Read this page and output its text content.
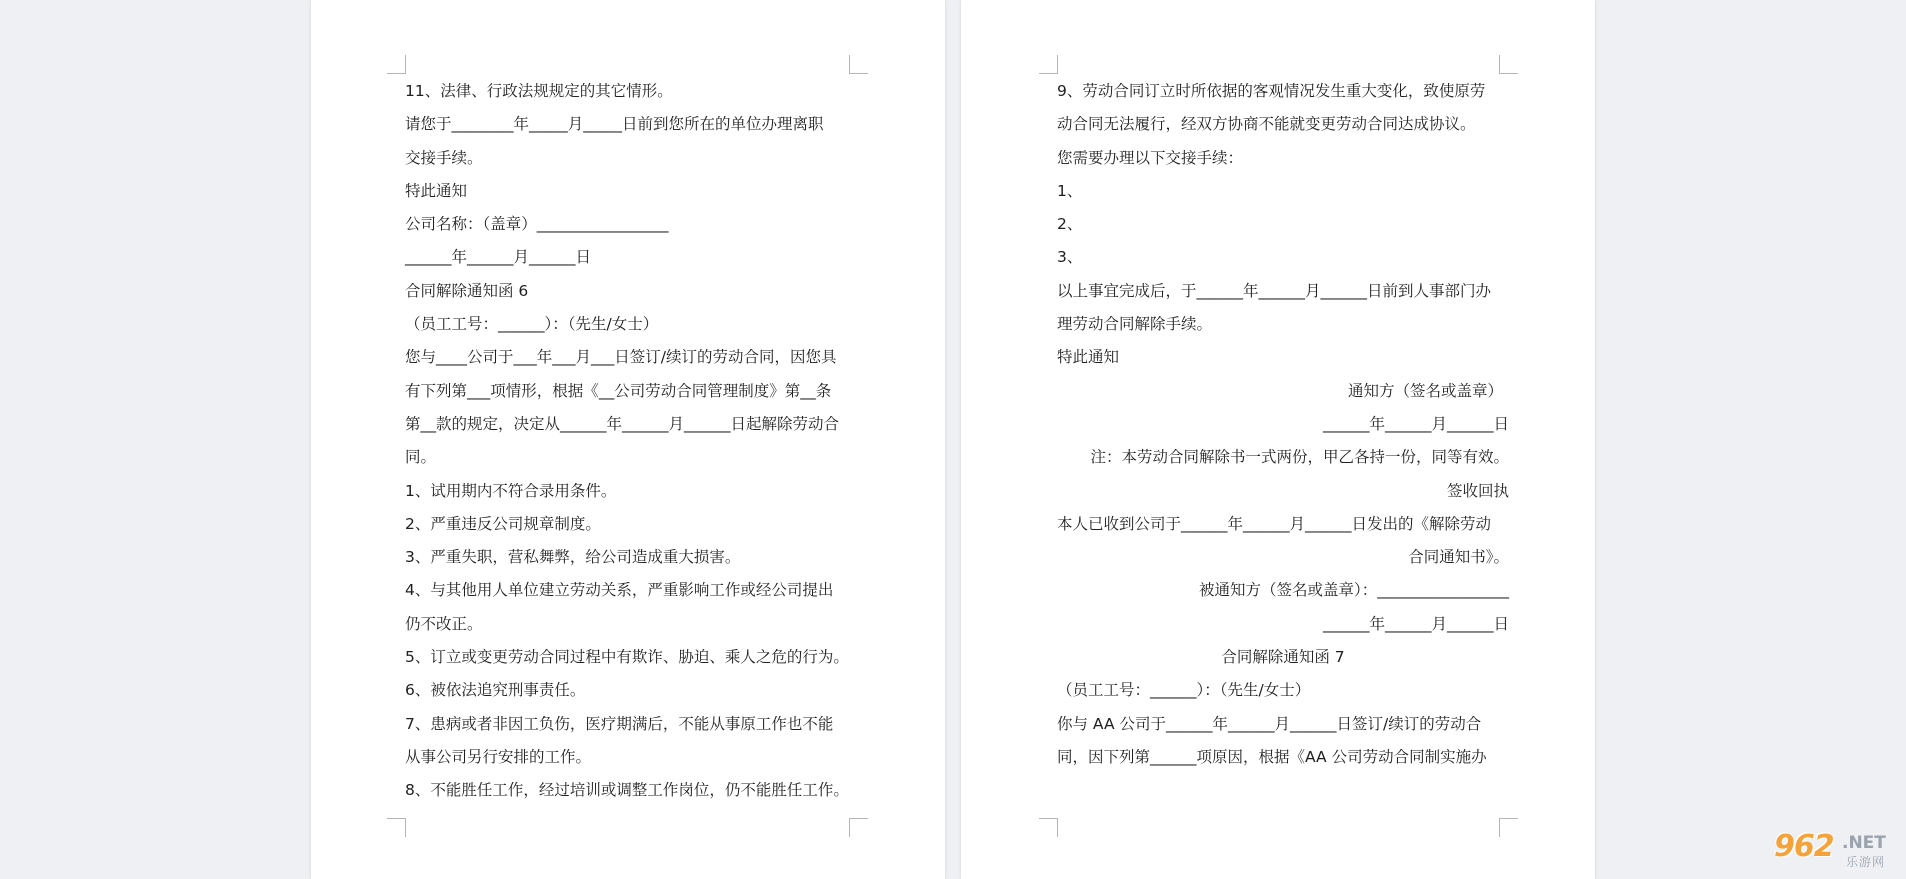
11、法律、行政法规规定的其它情形。
请您于________年_____月_____日前到您所在的单位办理离职
交接手续。
特此通知
公司名称：（盖章）_________________
______年______月______日
合同解除通知函 6
（员工工号：______）：（先生/女士）
您与____公司于___年___月___日签订/续订的劳动合同，因您具
有下列第___项情形，根据《__公司劳动合同管理制度》第__条
第__款的规定，决定从______年______月______日起解除劳动合
同。
1、试用期内不符合录用条件。
2、严重违反公司规章制度。
3、严重失职，营私舞弊，给公司造成重大损害。
4、与其他用人单位建立劳动关系，严重影响工作或经公司提出
仍不改正。
5、订立或变更劳动合同过程中有欺诈、胁迫、乘人之危的行为。
6、被依法追究刑事责任。
7、患病或者非因工负伤，医疗期满后，不能从事原工作也不能
从事公司另行安排的工作。
8、不能胜任工作，经过培训或调整工作岗位，仍不能胜任工作。
9、劳动合同订立时所依据的客观情况发生重大变化，致使原劳
动合同无法履行，经双方协商不能就变更劳动合同达成协议。
您需要办理以下交接手续：
1、
2、
3、
以上事宜完成后，于______年______月______日前到人事部门办
理劳动合同解除手续。
特此通知
通知方（签名或盖章）
______年______月______日
注：本劳动合同解除书一式两份，甲乙各持一份，同等有效。
签收回执
本人已收到公司于______年______月______日发出的《解除劳动
合同通知书》。
被通知方（签名或盖章）：_________________
______年______月______日
合同解除通知函 7
（员工工号：______）：（先生/女士）
你与 AA 公司于______年______月______日签订/续订的劳动合
同，因下列第______项原因，根据《AA 公司劳动合同制实施办
962 .NET
乐游网
